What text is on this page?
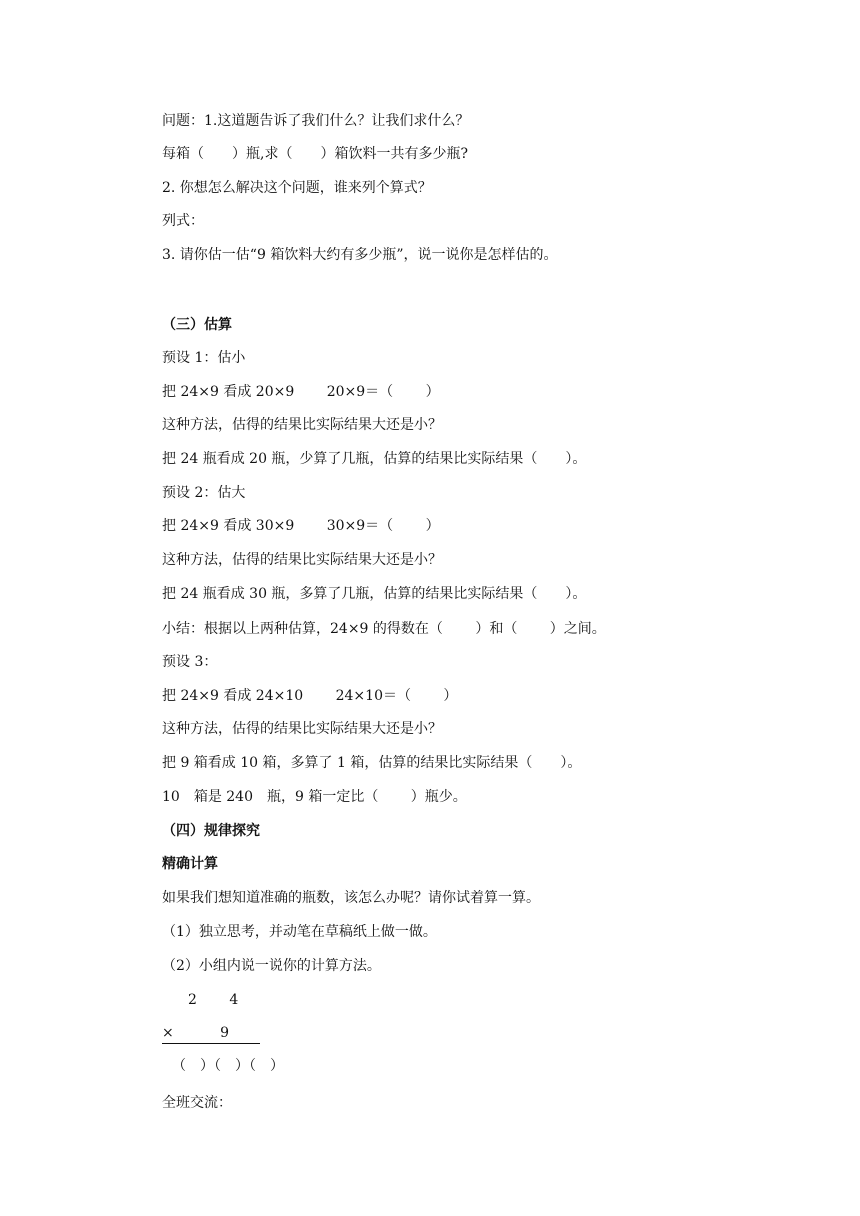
问题：1.这道题告诉了我们什么？让我们求什么？
每箱（　　）瓶,求（　　）箱饮料一共有多少瓶?
2. 你想怎么解决这个问题，谁来列个算式？
列式：
3. 请你估一估“9 箱饮料大约有多少瓶”，说一说你是怎样估的。
（三）估算
预设 1：估小
把 24×9 看成 20×9　　 20×9＝（　　 ）
这种方法，估得的结果比实际结果大还是小？
把 24 瓶看成 20 瓶，少算了几瓶，估算的结果比实际结果（　　）。
预设 2：估大
把 24×9 看成 30×9　　 30×9＝（　　 ）
这种方法，估得的结果比实际结果大还是小？
把 24 瓶看成 30 瓶，多算了几瓶，估算的结果比实际结果（　　）。
小结：根据以上两种估算，24×9 的得数在（　　 ）和（　　 ）之间。
预设 3：
把 24×9 看成 24×10　　 24×10＝（　　 ）
这种方法，估得的结果比实际结果大还是小？
把 9 箱看成 10 箱，多算了 1 箱，估算的结果比实际结果（　　）。
10　箱是 240　瓶，9 箱一定比（　　 ）瓶少。
（四）规律探究
精确计算
如果我们想知道准确的瓶数，该怎么办呢？请你试着算一算。
（1）独立思考，并动笔在草稿纸上做一做。
（2）小组内说一说你的计算方法。
2　　 4
×　　　 9
（　）（　）（　）
全班交流：
